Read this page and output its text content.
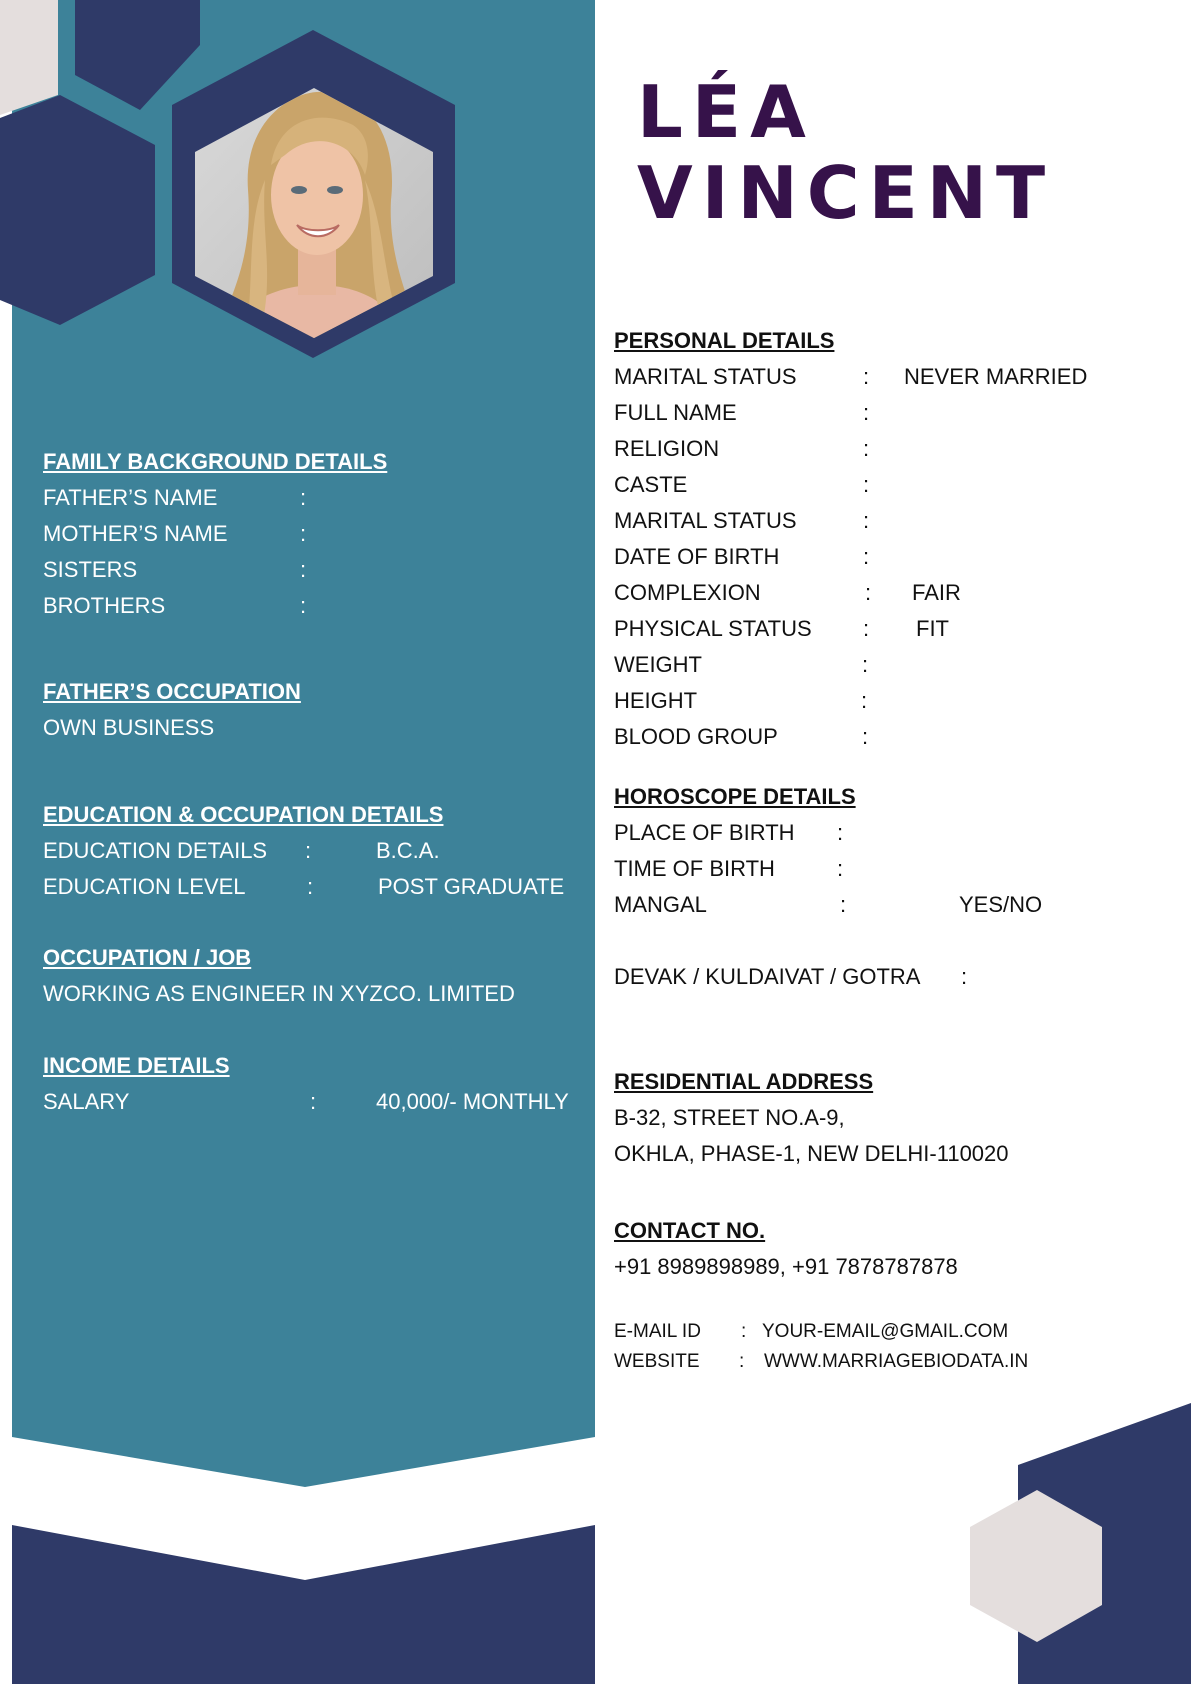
LÉA
VINCENT
FAMILY BACKGROUND DETAILS
FATHER’S NAME	:
MOTHER’S NAME	:
SISTERS	:
BROTHERS	:
FATHER’S OCCUPATION
OWN BUSINESS
EDUCATION & OCCUPATION DETAILS
EDUCATION DETAILS :	B.C.A.
EDUCATION LEVEL	:	POST GRADUATE
OCCUPATION / JOB
WORKING AS ENGINEER IN XYZCO. LIMITED
INCOME DETAILS
SALARY	:	40,000/- MONTHLY
PERSONAL DETAILS
MARITAL STATUS	: NEVER MARRIED
FULL NAME	:
RELIGION	:
CASTE	:
MARITAL STATUS	:
DATE OF BIRTH	:
COMPLEXION	: FAIR
PHYSICAL STATUS : FIT
WEIGHT	:
HEIGHT	:
BLOOD GROUP	:
HOROSCOPE DETAILS
PLACE OF BIRTH :
TIME OF BIRTH	:
MANGAL	:	YES/NO
DEVAK / KULDAIVAT / GOTRA :
RESIDENTIAL ADDRESS
B-32, STREET NO.A-9,
OKHLA, PHASE-1, NEW DELHI-110020
CONTACT NO.
+91 8989898989, +91 7878787878
E-MAIL ID : YOUR-EMAIL@GMAIL.COM
WEBSITE : WWW.MARRIAGEBIODATA.IN
